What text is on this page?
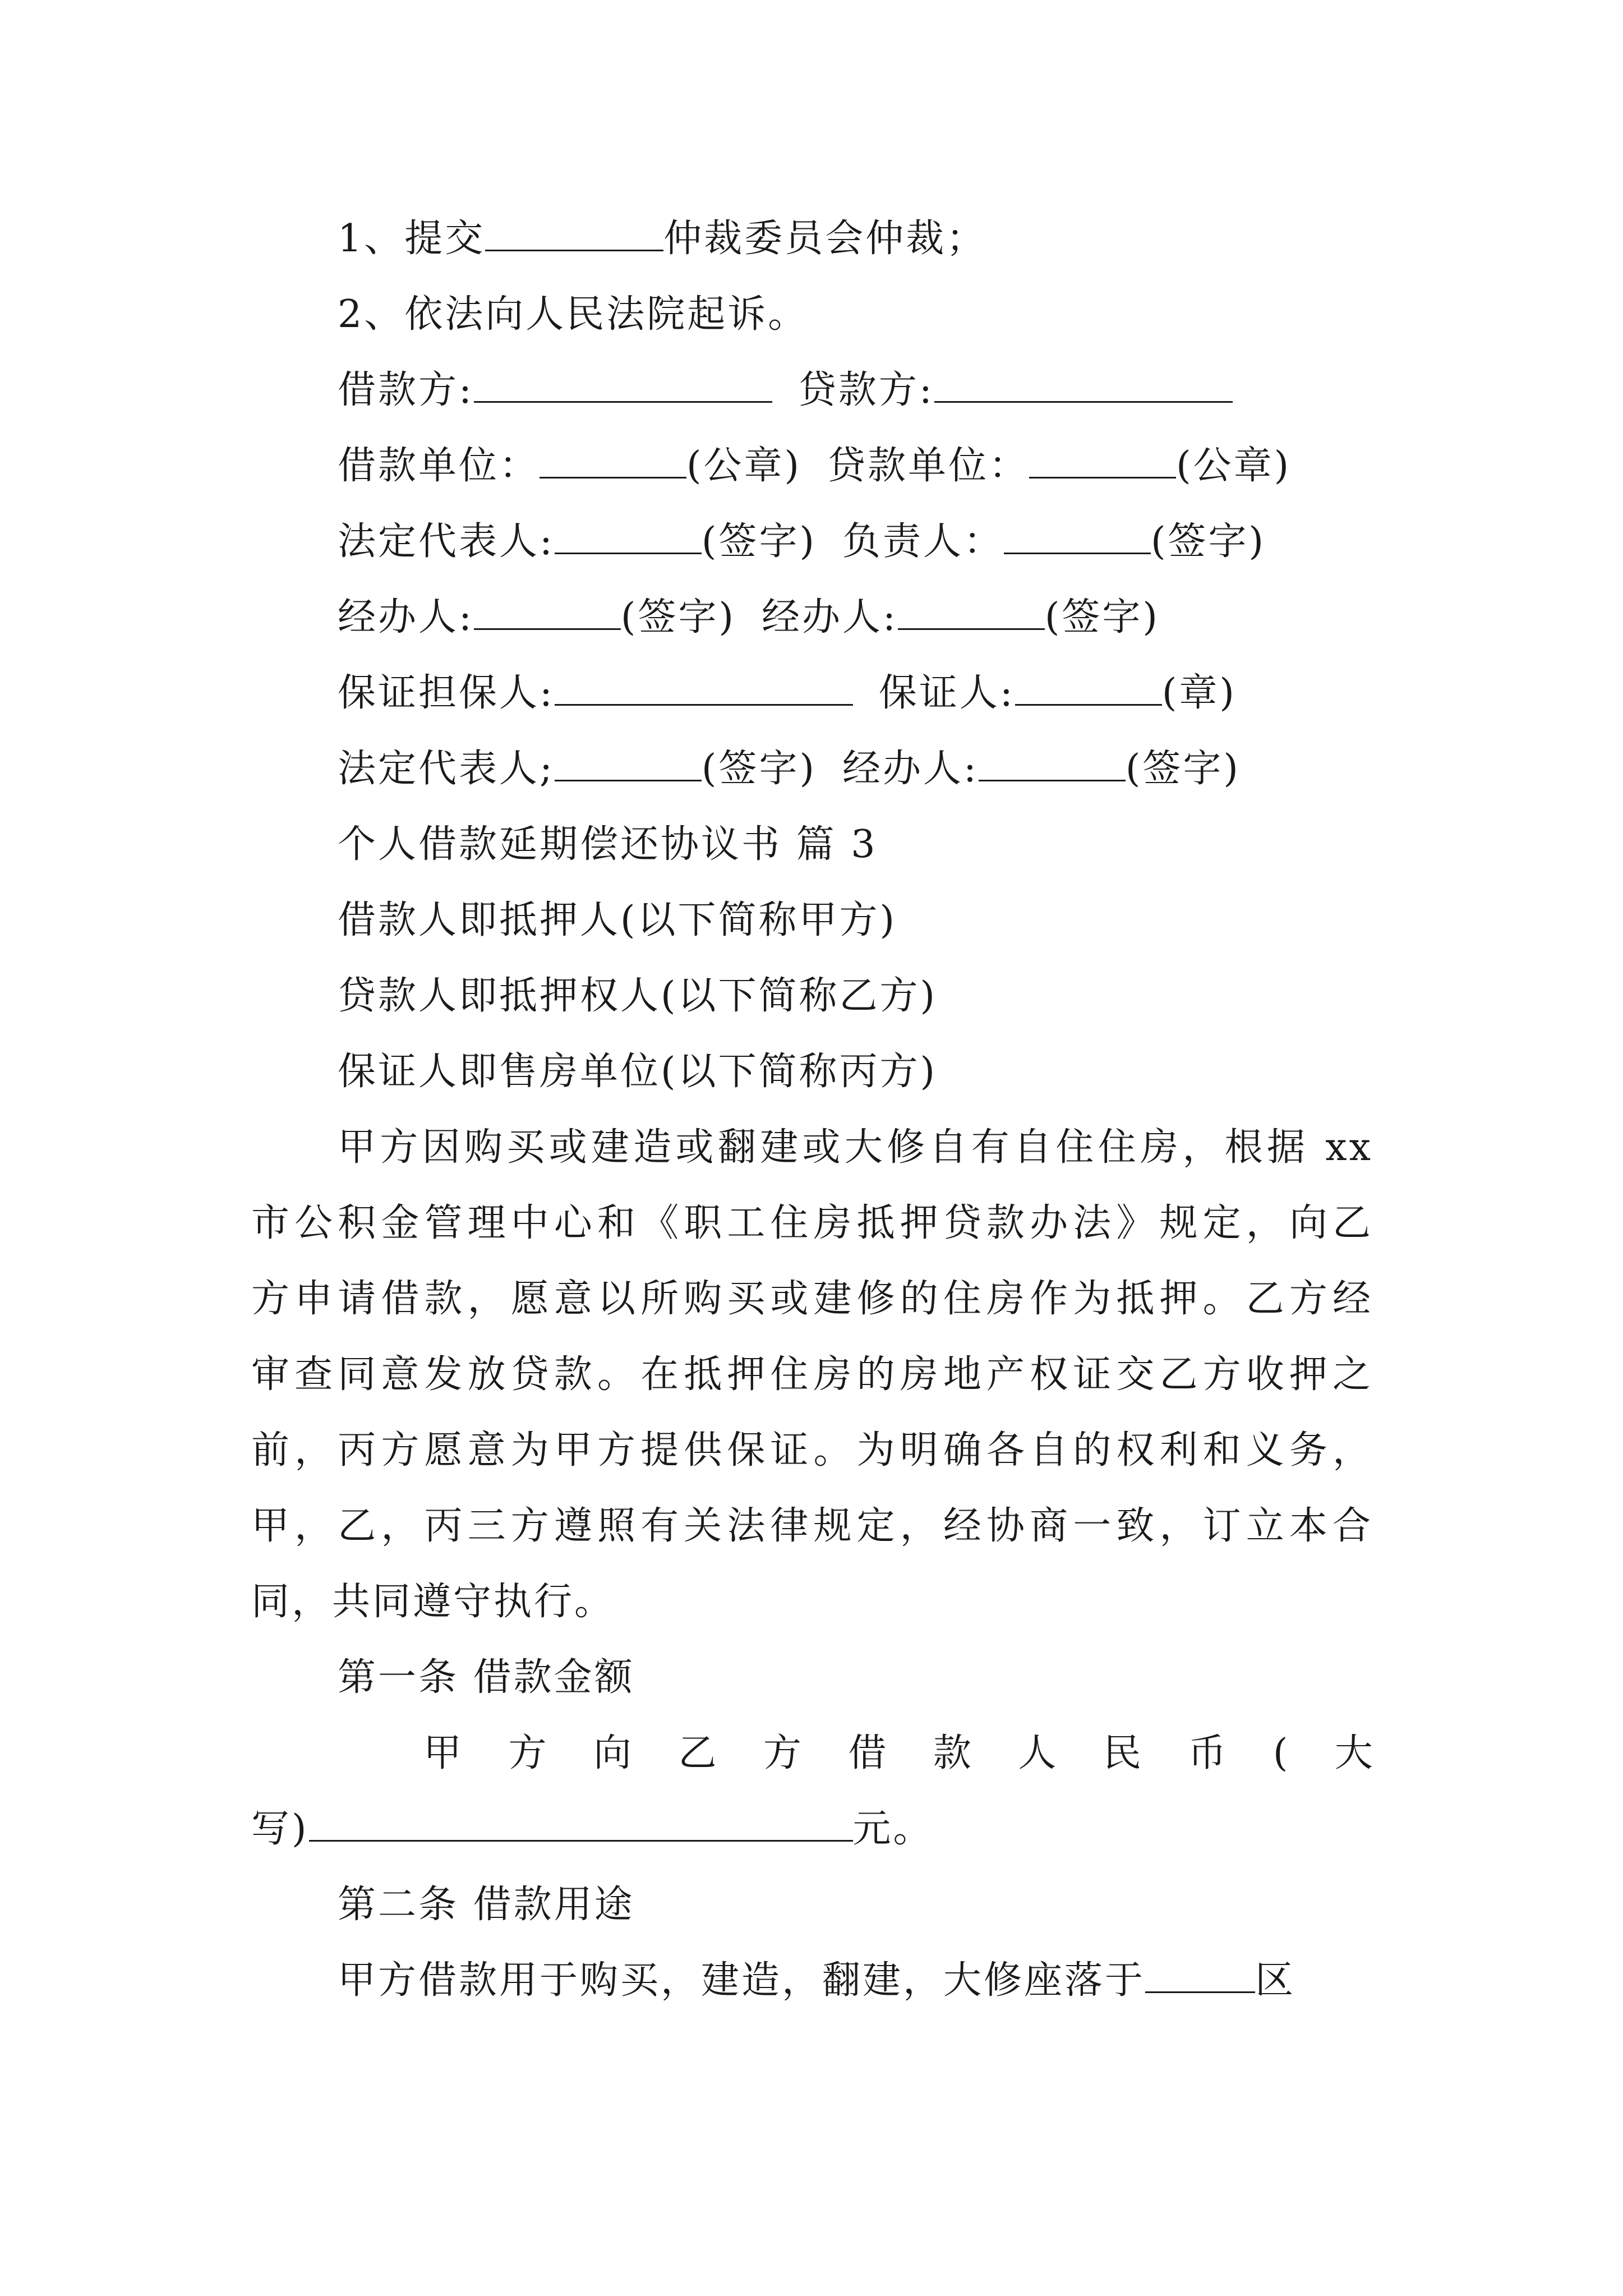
1、提交	仲裁委员会仲裁；
2、依法向人民法院起诉。
借款方:	贷款方:
借款单位：	(公章) 贷款单位：	(公章)
法定代表人:	(签字) 负责人：	(签字)
经办人:	(签字) 经办人:	(签字)
保证担保人:	保证人:	(章)
法定代表人;	(签字) 经办人:	(签字)
个人借款延期偿还协议书 篇 3
借款人即抵押人(以下简称甲方)
贷款人即抵押权人(以下简称乙方)
保证人即售房单位(以下简称丙方)
甲方因购买或建造或翻建或大修自有自住住房，根据 xx
市公积金管理中心和《职工住房抵押贷款办法》规定，向乙
方申请借款，愿意以所购买或建修的住房作为抵押。乙方经
审查同意发放贷款。在抵押住房的房地产权证交乙方收押之
前，丙方愿意为甲方提供保证。为明确各自的权利和义务，
甲，乙，丙三方遵照有关法律规定，经协商一致，订立本合
同，共同遵守执行。
第一条 借款金额
甲 方 向 乙 方 借 款 人 民 币 ( 大
写)	元。
第二条 借款用途
甲方借款用于购买，建造，翻建，大修座落于	区
